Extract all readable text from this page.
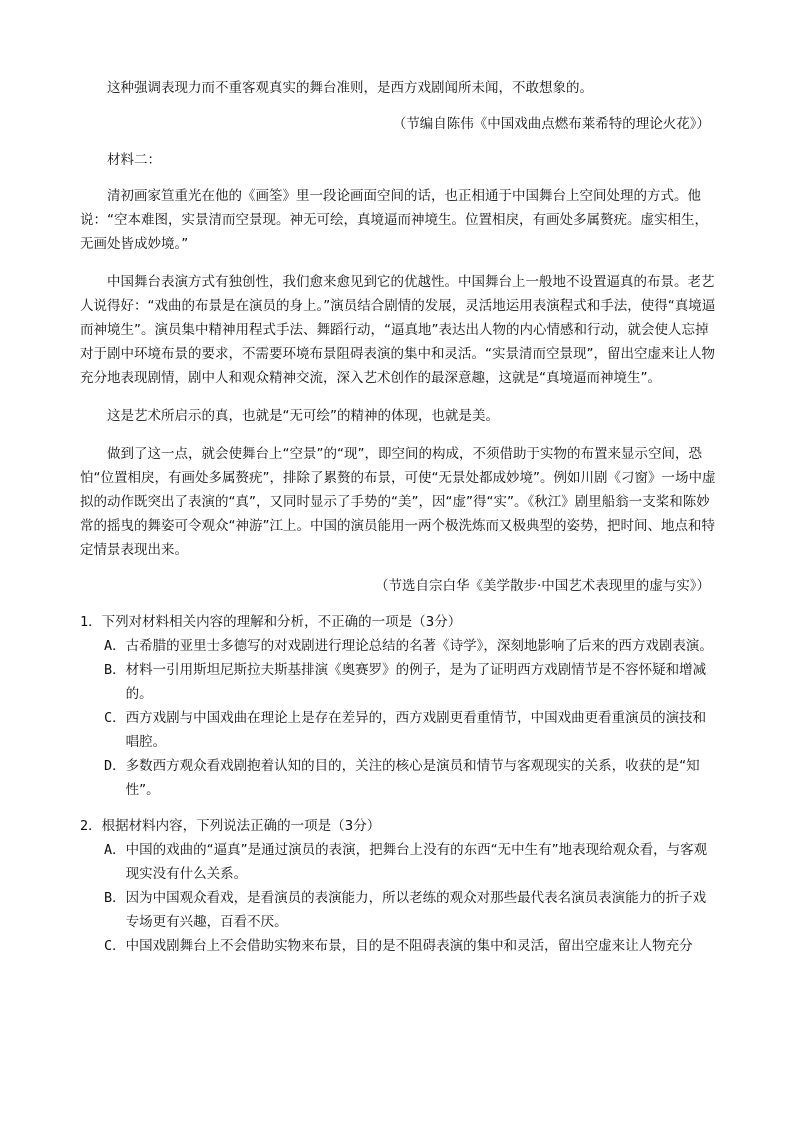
这种强调表现力而不重客观真实的舞台准则，是西方戏剧闻所未闻，不敢想象的。

（节编自陈伟《中国戏曲点燃布莱希特的理论火花》）

材料二：

清初画家笪重光在他的《画筌》里一段论画面空间的话，也正相通于中国舞台上空间处理的方式。他说：“空本难图，实景清而空景现。神无可绘，真境逼而神境生。位置相戾，有画处多属赘疣。虚实相生，无画处皆成妙境。”

中国舞台表演方式有独创性，我们愈来愈见到它的优越性。中国舞台上一般地不设置逼真的布景。老艺人说得好：“戏曲的布景是在演员的身上。”演员结合剧情的发展，灵活地运用表演程式和手法，使得“真境逼而神境生”。演员集中精神用程式手法、舞蹈行动，“逼真地”表达出人物的内心情感和行动，就会使人忘掉对于剧中环境布景的要求，不需要环境布景阻碍表演的集中和灵活。“实景清而空景现”，留出空虚来让人物充分地表现剧情，剧中人和观众精神交流，深入艺术创作的最深意趣，这就是“真境逼而神境生”。

这是艺术所启示的真，也就是“无可绘”的精神的体现，也就是美。

做到了这一点，就会使舞台上“空景”的“现”，即空间的构成，不须借助于实物的布置来显示空间，恐怕“位置相戾，有画处多属赘疣”，排除了累赘的布景，可使“无景处都成妙境”。例如川剧《刁窗》一场中虚拟的动作既突出了表演的“真”，又同时显示了手势的“美”，因“虚”得“实”。《秋江》剧里船翁一支桨和陈妙常的摇曳的舞姿可令观众“神游”江上。中国的演员能用一两个极洗炼而又极典型的姿势，把时间、地点和特定情景表现出来。

（节选自宗白华《美学散步·中国艺术表现里的虚与实》）

1．下列对材料相关内容的理解和分析，不正确的一项是（3分）

A． 古希腊的亚里士多德写的对戏剧进行理论总结的名著《诗学》，深刻地影响了后来的西方戏剧表演。

B． 材料一引用斯坦尼斯拉夫斯基排演《奥赛罗》的例子，是为了证明西方戏剧情节是不容怀疑和增减的。

C． 西方戏剧与中国戏曲在理论上是存在差异的，西方戏剧更看重情节，中国戏曲更看重演员的演技和唱腔。

D． 多数西方观众看戏剧抱着认知的目的，关注的核心是演员和情节与客观现实的关系，收获的是“知性”。

2．根据材料内容，下列说法正确的一项是（3分）

A． 中国的戏曲的“逼真”是通过演员的表演，把舞台上没有的东西“无中生有”地表现给观众看，与客观现实没有什么关系。

B． 因为中国观众看戏，是看演员的表演能力，所以老练的观众对那些最代表名演员表演能力的折子戏专场更有兴趣，百看不厌。

C． 中国戏剧舞台上不会借助实物来布景，目的是不阻碍表演的集中和灵活，留出空虚来让人物充分
